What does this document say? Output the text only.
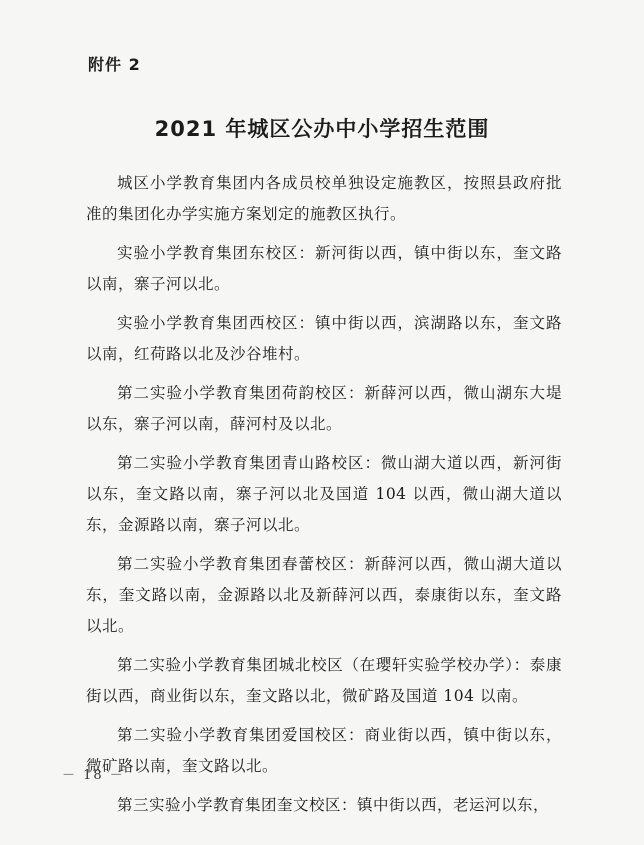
附件 2
2021 年城区公办中小学招生范围

城区小学教育集团内各成员校单独设定施教区，按照县政府批准的集团化办学实施方案划定的施教区执行。

实验小学教育集团东校区：新河街以西，镇中街以东，奎文路以南，寨子河以北。

实验小学教育集团西校区：镇中街以西，滨湖路以东，奎文路以南，红荷路以北及沙谷堆村。

第二实验小学教育集团荷韵校区：新薛河以西，微山湖东大堤以东，寨子河以南，薛河村及以北。

第二实验小学教育集团青山路校区：微山湖大道以西，新河街以东，奎文路以南，寨子河以北及国道 104 以西，微山湖大道以东，金源路以南，寨子河以北。

第二实验小学教育集团春蕾校区：新薛河以西，微山湖大道以东，奎文路以南，金源路以北及新薛河以西，泰康街以东，奎文路以北。

第二实验小学教育集团城北校区（在璎轩实验学校办学）：泰康街以西，商业街以东，奎文路以北，微矿路及国道 104 以南。

第二实验小学教育集团爱国校区：商业街以西，镇中街以东，微矿路以南，奎文路以北。

第三实验小学教育集团奎文校区：镇中街以西，老运河以东，

－ 18 －
